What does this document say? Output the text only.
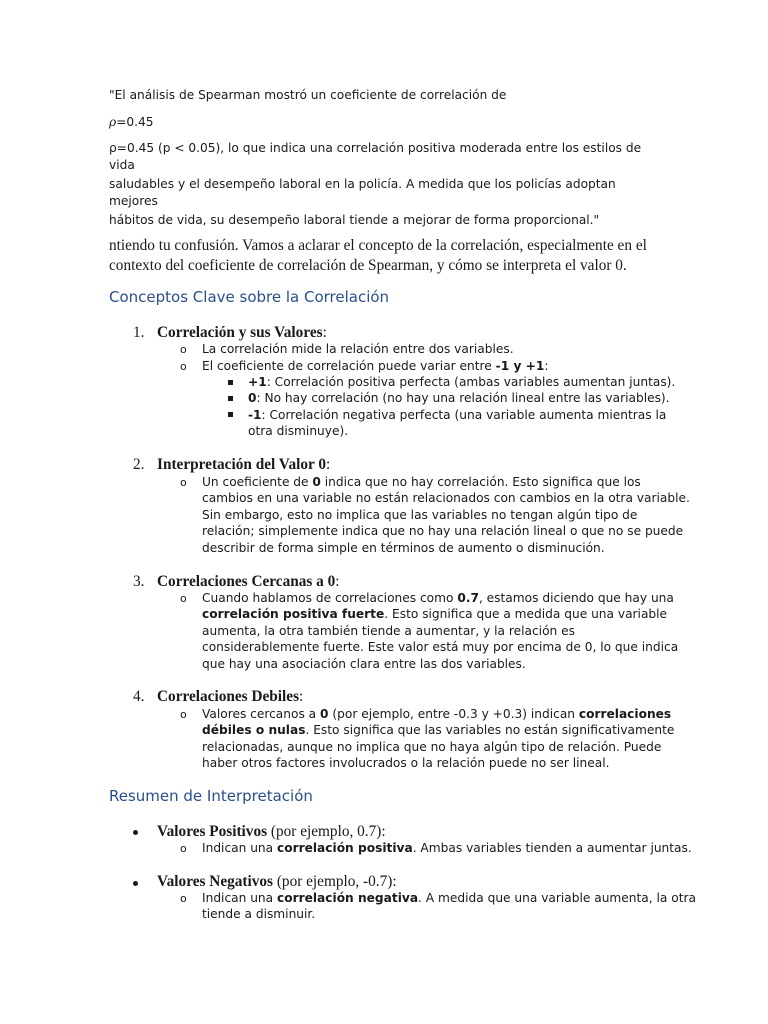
"El análisis de Spearman mostró un coeficiente de correlación de
ρ=0.45
ρ=0.45 (p < 0.05), lo que indica una correlación positiva moderada entre los estilos de vida
saludables y el desempeño laboral en la policía. A medida que los policías adoptan mejores
hábitos de vida, su desempeño laboral tiende a mejorar de forma proporcional."
ntiendo tu confusión. Vamos a aclarar el concepto de la correlación, especialmente en el
contexto del coeficiente de correlación de Spearman, y cómo se interpreta el valor 0.
Conceptos Clave sobre la Correlación
1. Correlación y sus Valores:
o La correlación mide la relación entre dos variables.
o El coeficiente de correlación puede variar entre -1 y +1:
+1: Correlación positiva perfecta (ambas variables aumentan juntas).
0: No hay correlación (no hay una relación lineal entre las variables).
-1: Correlación negativa perfecta (una variable aumenta mientras la
otra disminuye).
2. Interpretación del Valor 0:
o Un coeficiente de 0 indica que no hay correlación. Esto significa que los
cambios en una variable no están relacionados con cambios en la otra variable.
Sin embargo, esto no implica que las variables no tengan algún tipo de
relación; simplemente indica que no hay una relación lineal o que no se puede
describir de forma simple en términos de aumento o disminución.
3. Correlaciones Cercanas a 0:
o Cuando hablamos de correlaciones como 0.7, estamos diciendo que hay una
correlación positiva fuerte. Esto significa que a medida que una variable
aumenta, la otra también tiende a aumentar, y la relación es
considerablemente fuerte. Este valor está muy por encima de 0, lo que indica
que hay una asociación clara entre las dos variables.
4. Correlaciones Debiles:
o Valores cercanos a 0 (por ejemplo, entre -0.3 y +0.3) indican correlaciones
débiles o nulas. Esto significa que las variables no están significativamente
relacionadas, aunque no implica que no haya algún tipo de relación. Puede
haber otros factores involucrados o la relación puede no ser lineal.
Resumen de Interpretación
Valores Positivos (por ejemplo, 0.7):
o Indican una correlación positiva. Ambas variables tienden a aumentar juntas.
Valores Negativos (por ejemplo, -0.7):
o Indican una correlación negativa. A medida que una variable aumenta, la otra
tiende a disminuir.
